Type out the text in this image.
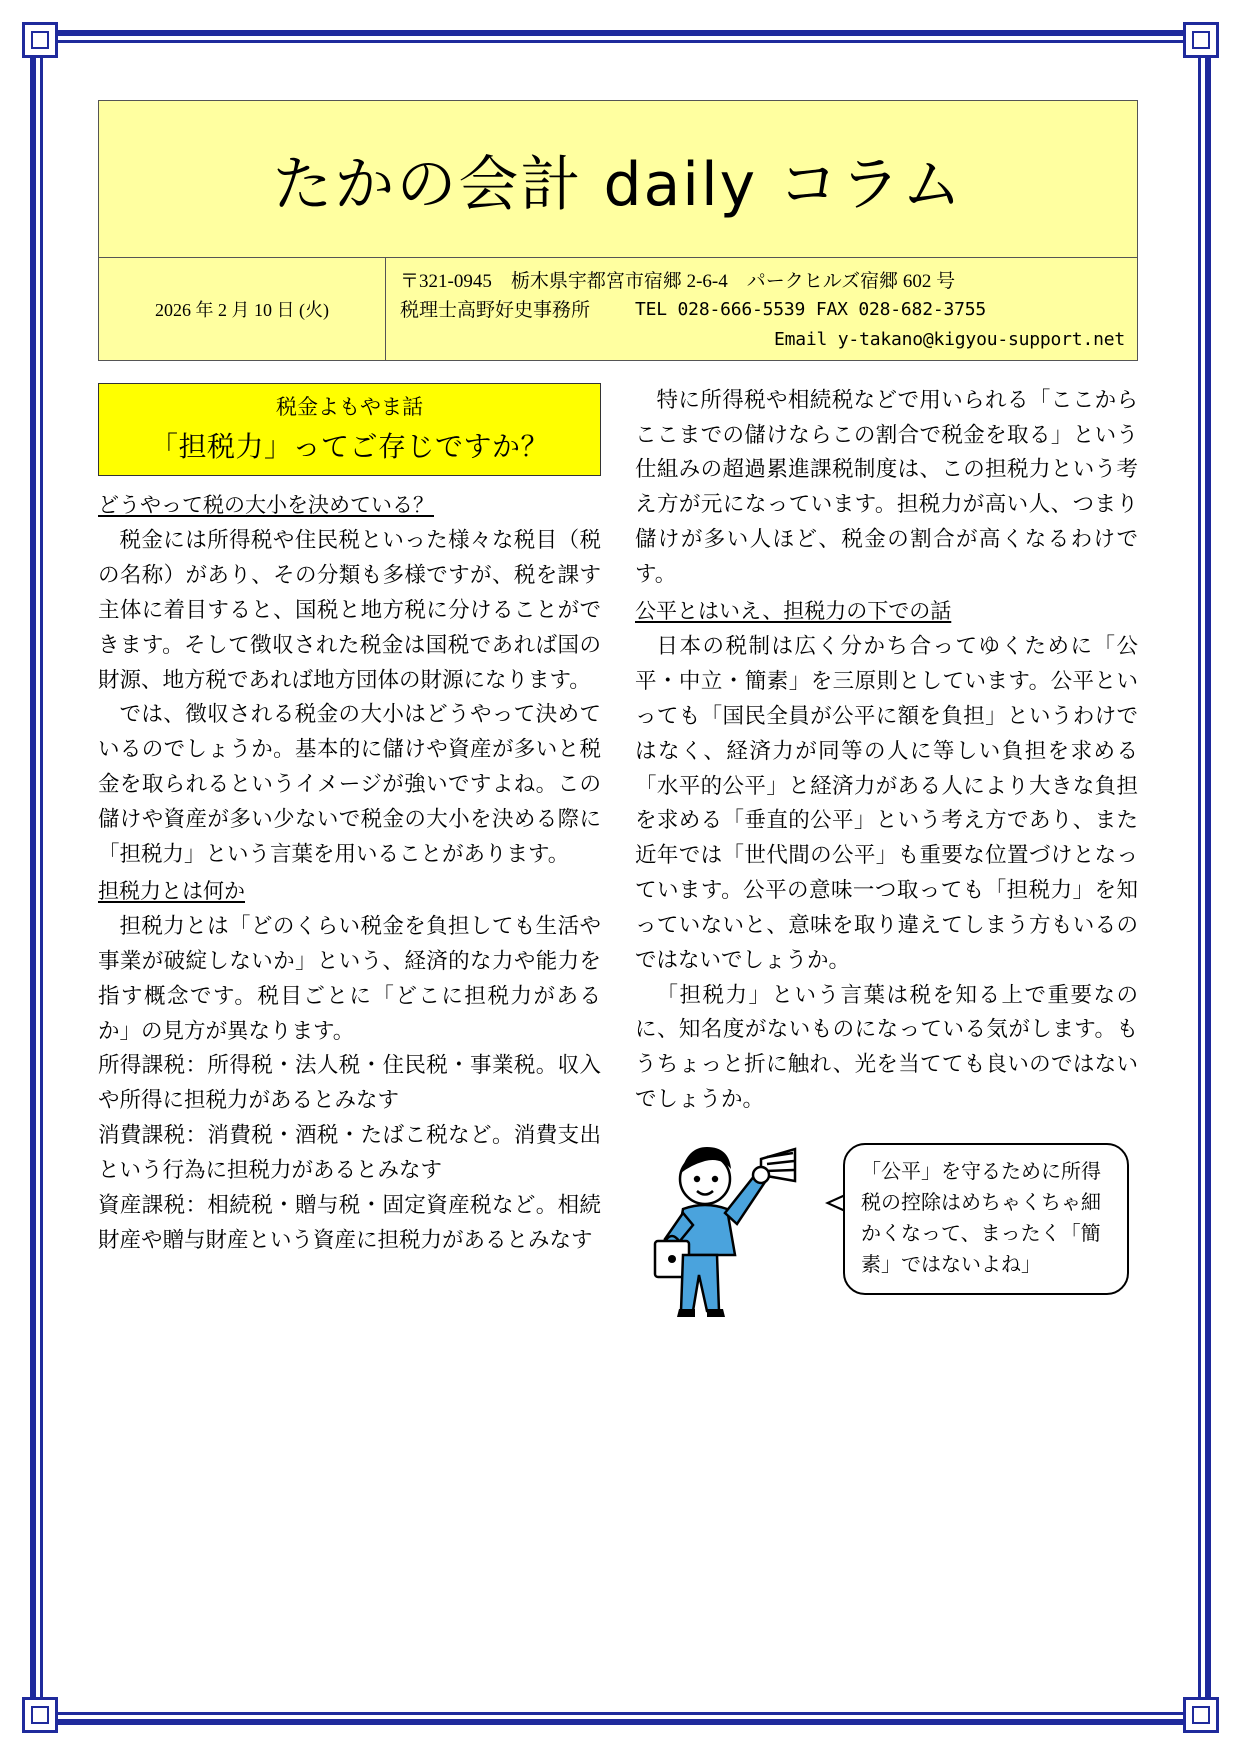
たかの会計 daily コラム
2026 年 2 月 10 日 (火)
〒321-0945　栃木県宇都宮市宿郷 2-6-4　パークヒルズ宿郷 602 号
税理士高野好史事務所	TEL 028-666-5539 FAX 028-682-3755
Email y-takano@kigyou-support.net
税金よもやま話
「担税力」ってご存じですか？
どうやって税の大小を決めている？

税金には所得税や住民税といった様々な税目（税の名称）があり、その分類も多様ですが、税を課す主体に着目すると、国税と地方税に分けることができます。そして徴収された税金は国税であれば国の財源、地方税であれば地方団体の財源になります。

では、徴収される税金の大小はどうやって決めているのでしょうか。基本的に儲けや資産が多いと税金を取られるというイメージが強いですよね。この儲けや資産が多い少ないで税金の大小を決める際に「担税力」という言葉を用いることがあります。

担税力とは何か

担税力とは「どのくらい税金を負担しても生活や事業が破綻しないか」という、経済的な力や能力を指す概念です。税目ごとに「どこに担税力があるか」の見方が異なります。

所得課税：所得税・法人税・住民税・事業税。収入や所得に担税力があるとみなす

消費課税：消費税・酒税・たばこ税など。消費支出という行為に担税力があるとみなす

資産課税：相続税・贈与税・固定資産税など。相続財産や贈与財産という資産に担税力があるとみなす

特に所得税や相続税などで用いられる「ここからここまでの儲けならこの割合で税金を取る」という仕組みの超過累進課税制度は、この担税力という考え方が元になっています。担税力が高い人、つまり儲けが多い人ほど、税金の割合が高くなるわけです。

公平とはいえ、担税力の下での話

日本の税制は広く分かち合ってゆくために「公平・中立・簡素」を三原則としています。公平といっても「国民全員が公平に額を負担」というわけではなく、経済力が同等の人に等しい負担を求める「水平的公平」と経済力がある人により大きな負担を求める「垂直的公平」という考え方であり、また近年では「世代間の公平」も重要な位置づけとなっています。公平の意味一つ取っても「担税力」を知っていないと、意味を取り違えてしまう方もいるのではないでしょうか。

「担税力」という言葉は税を知る上で重要なのに、知名度がないものになっている気がします。もうちょっと折に触れ、光を当てても良いのではないでしょうか。

「公平」を守るために所得税の控除はめちゃくちゃ細かくなって、まったく「簡素」ではないよね」
